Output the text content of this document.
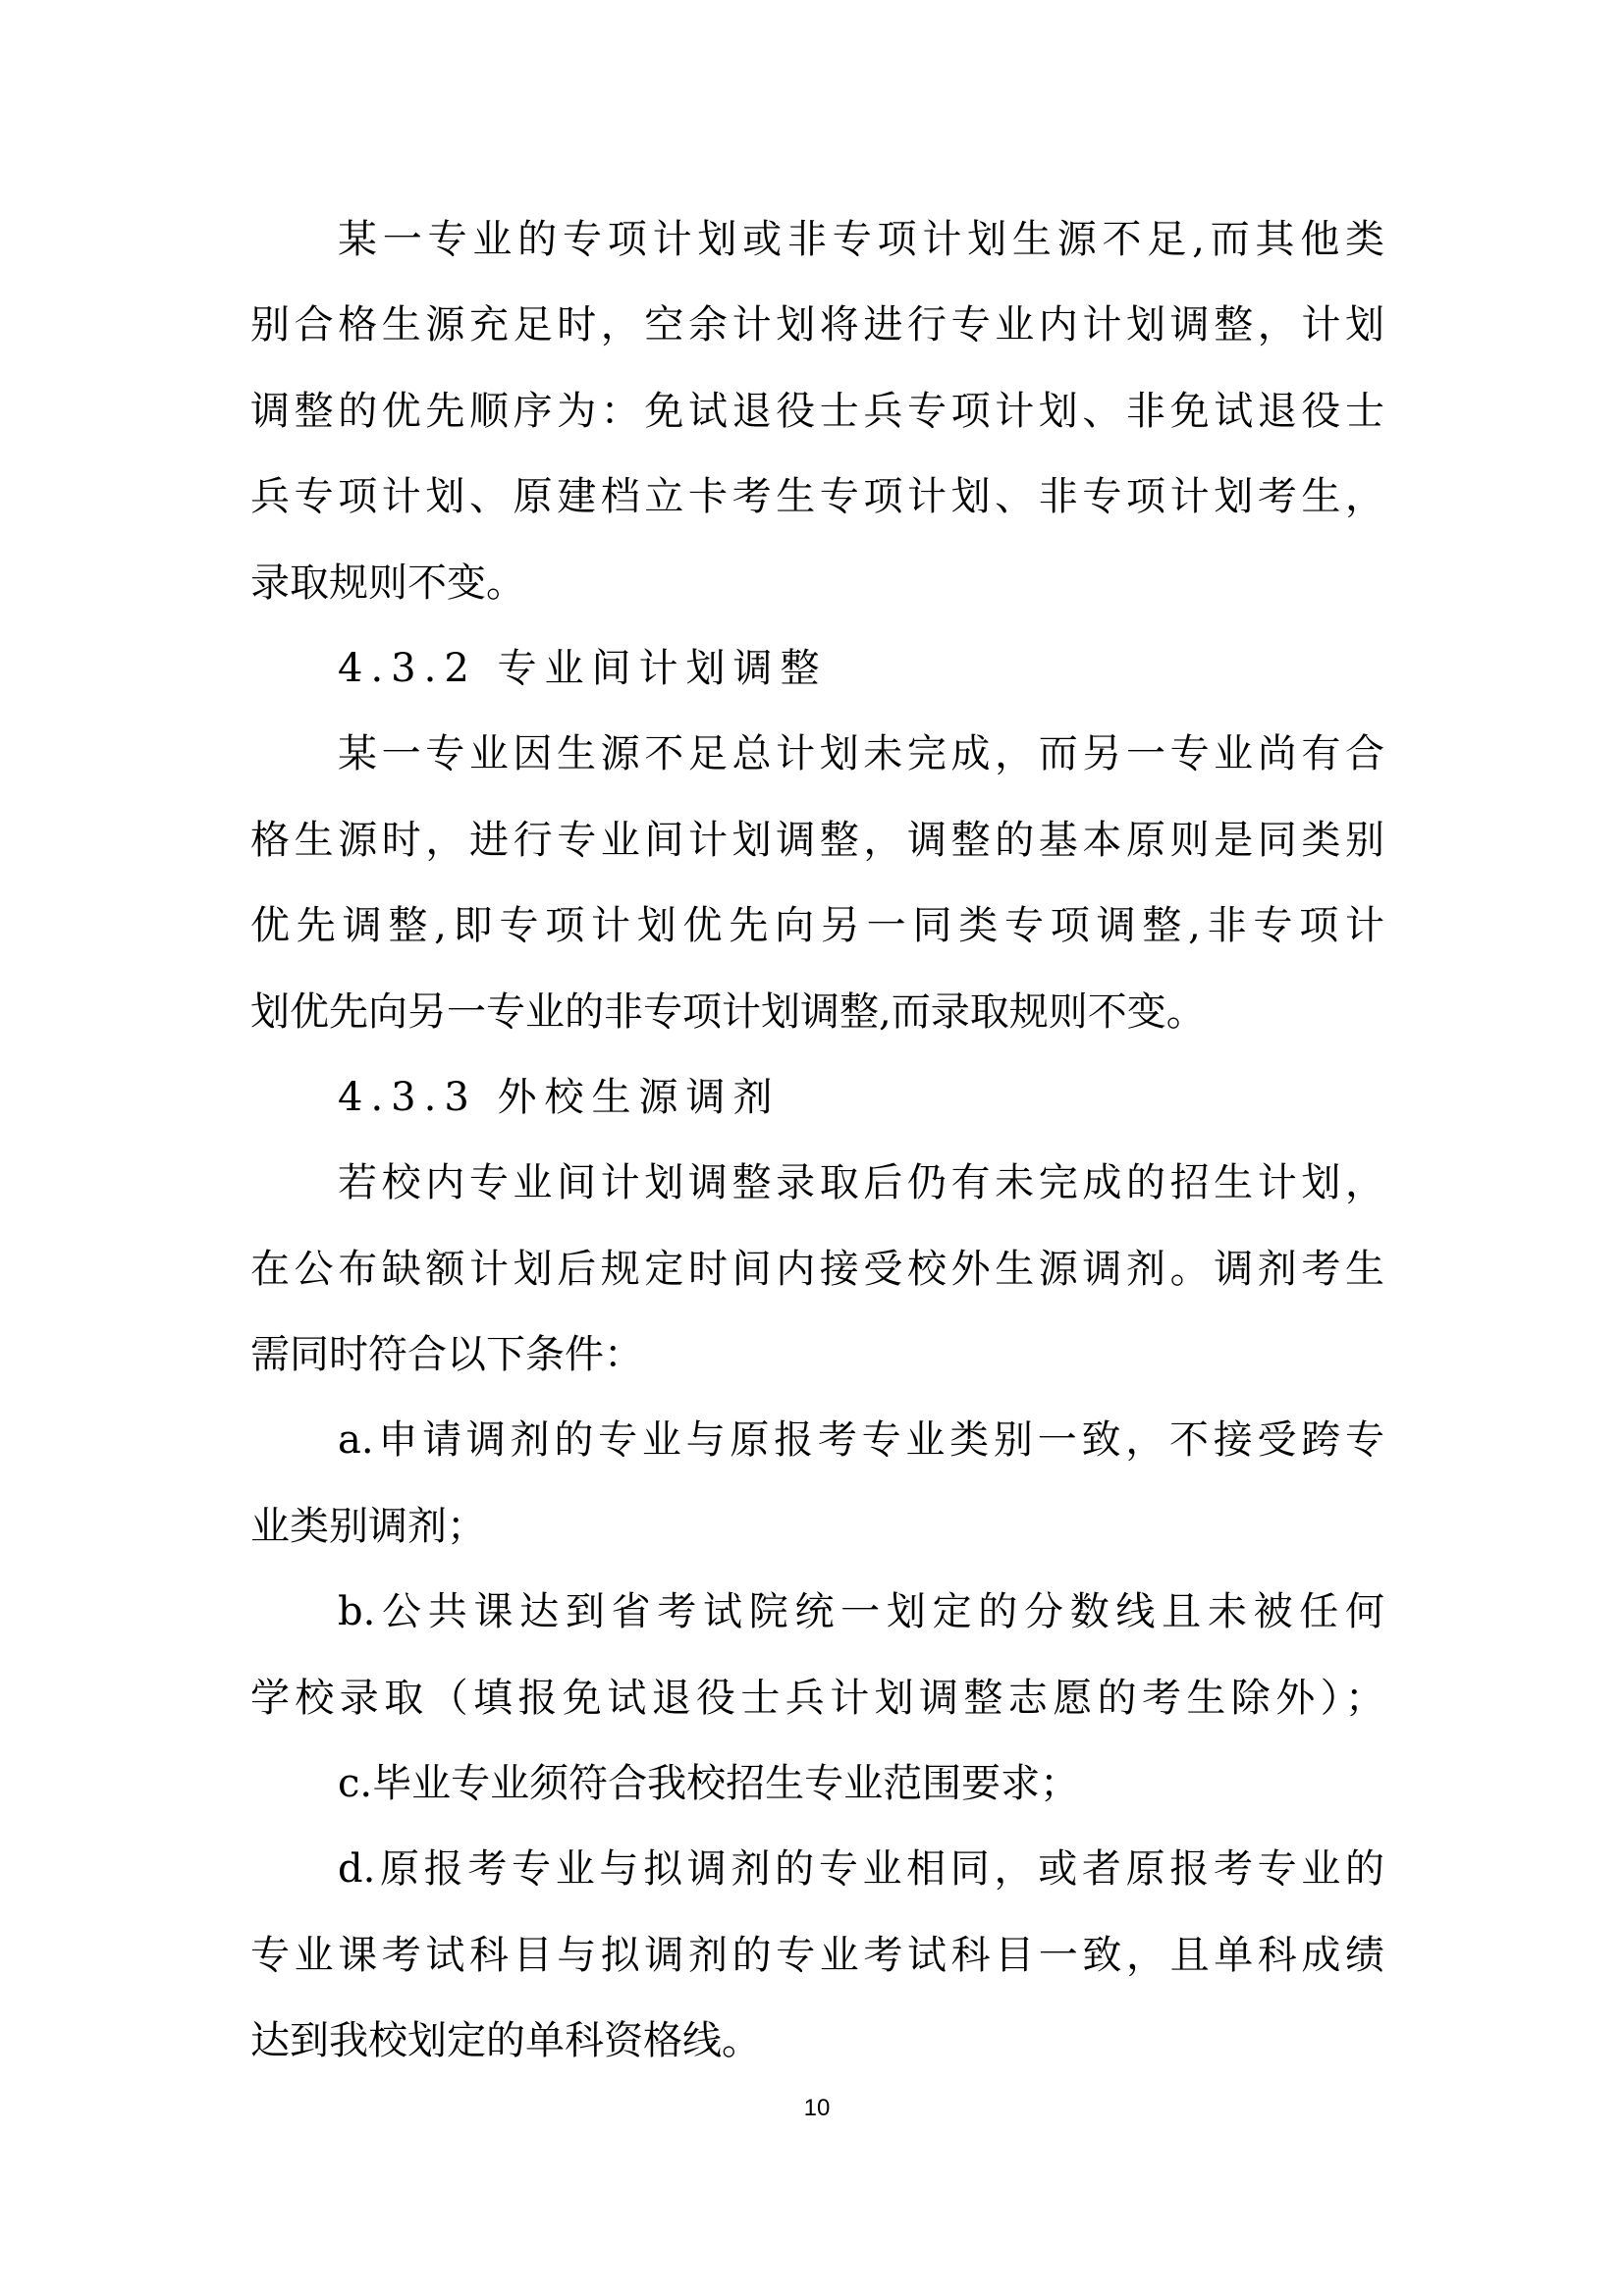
某一专业的专项计划或非专项计划生源不足,而其他类
别合格生源充足时，空余计划将进行专业内计划调整，计划
调整的优先顺序为：免试退役士兵专项计划、非免试退役士
兵专项计划、原建档立卡考生专项计划、非专项计划考生，
录取规则不变。
4.3.2 专业间计划调整
某一专业因生源不足总计划未完成，而另一专业尚有合
格生源时，进行专业间计划调整，调整的基本原则是同类别
优先调整,即专项计划优先向另一同类专项调整,非专项计
划优先向另一专业的非专项计划调整,而录取规则不变。
4.3.3 外校生源调剂
若校内专业间计划调整录取后仍有未完成的招生计划，
在公布缺额计划后规定时间内接受校外生源调剂。调剂考生
需同时符合以下条件：
a.申请调剂的专业与原报考专业类别一致，不接受跨专
业类别调剂；
b.公共课达到省考试院统一划定的分数线且未被任何
学校录取（填报免试退役士兵计划调整志愿的考生除外）；
c.毕业专业须符合我校招生专业范围要求；
d.原报考专业与拟调剂的专业相同，或者原报考专业的
专业课考试科目与拟调剂的专业考试科目一致，且单科成绩
达到我校划定的单科资格线。
10
